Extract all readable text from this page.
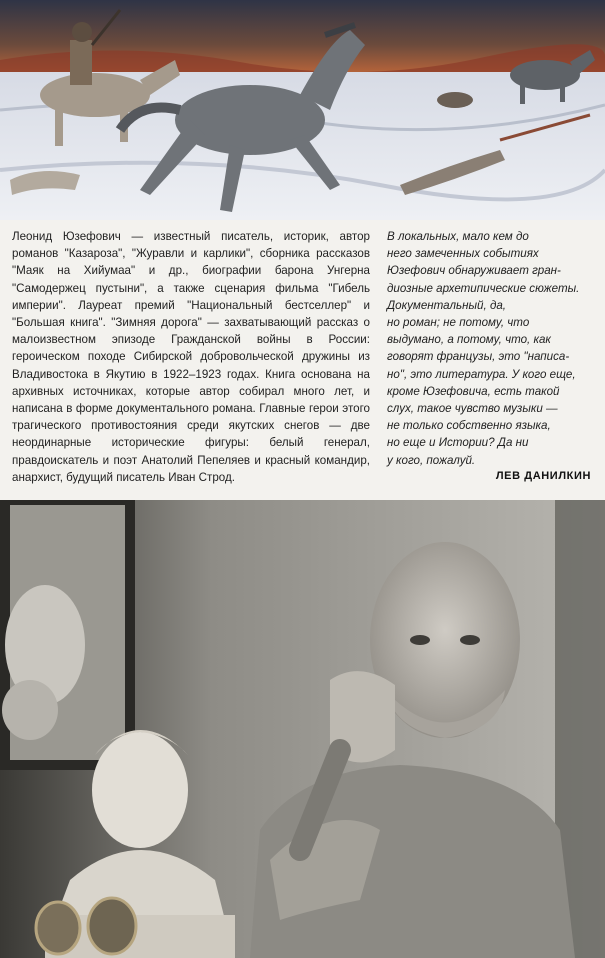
Леонид Юзефович — известный писатель, историк, автор романов "Казароза", "Журавли и карлики", сборника рассказов "Маяк на Хийумаа" и др., биографии барона Унгерна "Самодержец пустыни", а также сценария фильма "Гибель империи". Лауреат премий "Национальный бестселлер" и "Большая книга". "Зимняя дорога" — захватывающий рассказ о малоизвестном эпизоде Гражданской войны в России: героическом походе Сибирской добровольческой дружины из Владивостока в Якутию в 1922–1923 годах. Книга основана на архивных источниках, которые автор собирал много лет, и написана в форме документального романа. Главные герои этого трагического противостояния среди якутских снегов — две неординарные исторические фигуры: белый генерал, правдоискатель и поэт Анатолий Пепеляев и красный командир, анархист, будущий писатель Иван Строд.

В локальных, мало кем до
него замеченных событиях
Юзефович обнаруживает гран-
диозные архетипические сюжеты.
Документальный, да,
но роман; не потому, что
выдумано, а потому, что, как
говорят французы, это "написа-
но", это литература. У кого еще,
кроме Юзефовича, есть такой
слух, такое чувство музыки —
не только собственно языка,
но еще и Истории? Да ни
у кого, пожалуй.
ЛЕВ ДАНИЛКИН
